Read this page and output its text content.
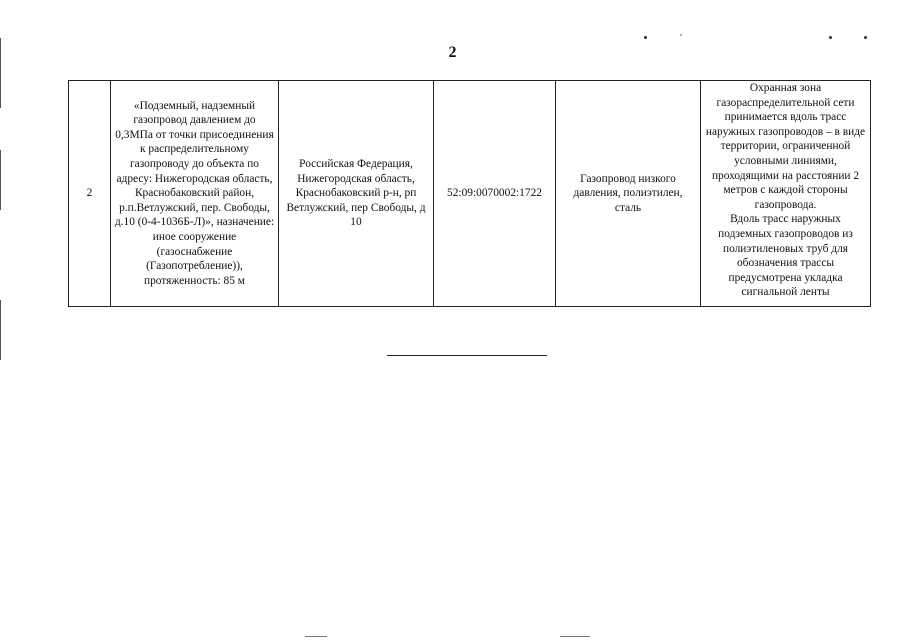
2
2	«Подземный, надземный газопровод давлением до 0,3МПа от точки присоединения к распределительному газопроводу до объекта по адресу: Нижегородская область, Краснобаковский район, р.п.Ветлужский, пер. Свободы, д.10 (0-4-1036Б-Л)», назначение: иное сооружение (газоснабжение (Газопотребление)), протяженность: 85 м	Российская Федерация, Нижегородская область, Краснобаковский р-н, рп Ветлужский, пер Свободы, д 10	52:09:0070002:1722	Газопровод низкого давления, полиэтилен, сталь	Охранная зона газораспределительной сети принимается вдоль трасс наружных газопроводов – в виде территории, ограниченной условными линиями, проходящими на расстоянии 2 метров с каждой стороны газопровода.
Вдоль трасс наружных подземных газопроводов из полиэтиленовых труб для обозначения трассы предусмотрена укладка сигнальной ленты
